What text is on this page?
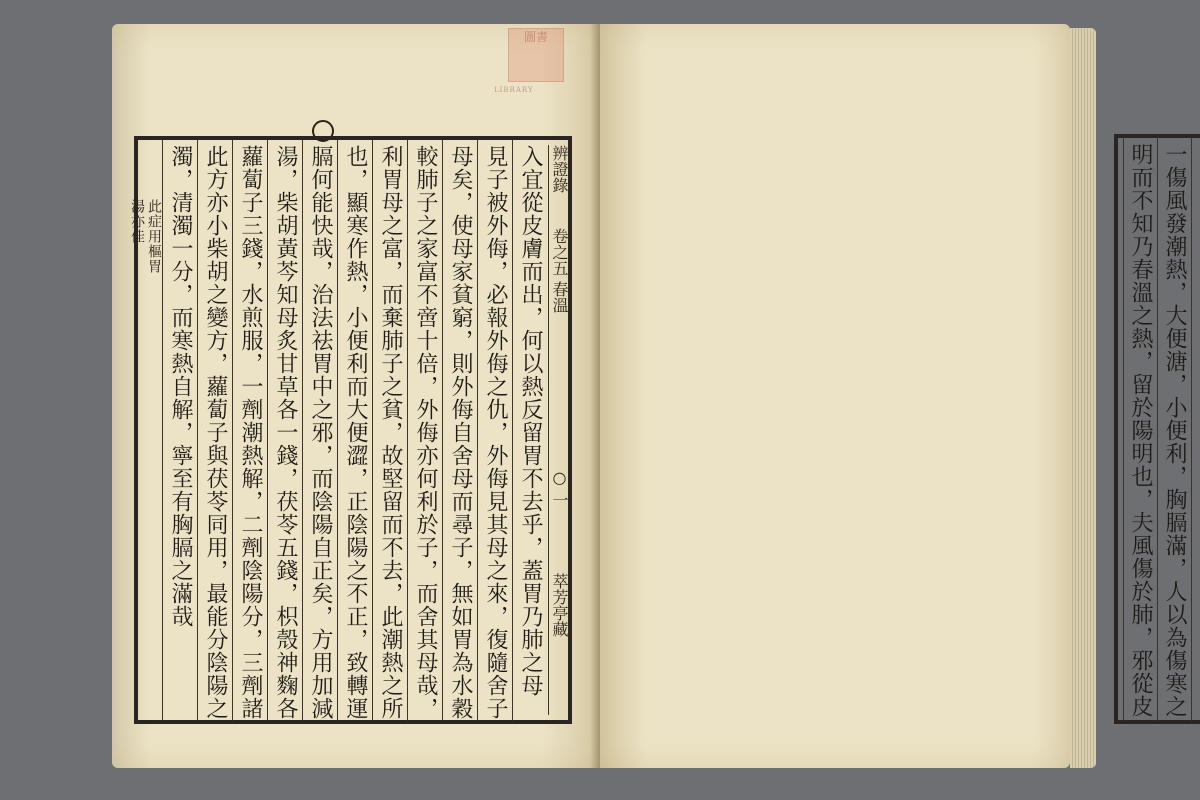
圖書
LIBRARY
辨證錄 卷之五 春溫 ○ 一 萃芳亭藏
入宜從皮膚而出，何以熱反留胃不去乎，蓋胃乃肺之母
見子被外侮，必報外侮之仇，外侮見其母之來，復隨舍子
母矣，使母家貧窮，則外侮自舍母而尋子，無如胃為水穀
較肺子之家富不啻十倍，外侮亦何利於子，而舍其母哉，
利胃母之富，而棄肺子之貧，故堅留而不去，此潮熱之所
也，顯寒作熱，小便利而大便澀，正陰陽之不正，致轉運
膈何能快哉，治法祛胃中之邪，而陰陽自正矣，方用加減
湯，柴胡黃芩知母炙甘草各一錢，茯苓五錢，枳殼神麴各
蘿蔔子三錢，水煎服，一劑潮熱解，二劑陰陽分，三劑諸
此方亦小柴胡之變方，蘿蔔子與茯苓同用，最能分陰陽之
濁，清濁一分，而寒熱自解，寧至有胸膈之滿哉
此症用樞胃
湯亦佳

一傷風發潮熱，大便溏，小便利，胸膈滿，人以為傷寒之
明而不知乃春溫之熱，留於陽明也，夫風傷於肺，邪從皮
